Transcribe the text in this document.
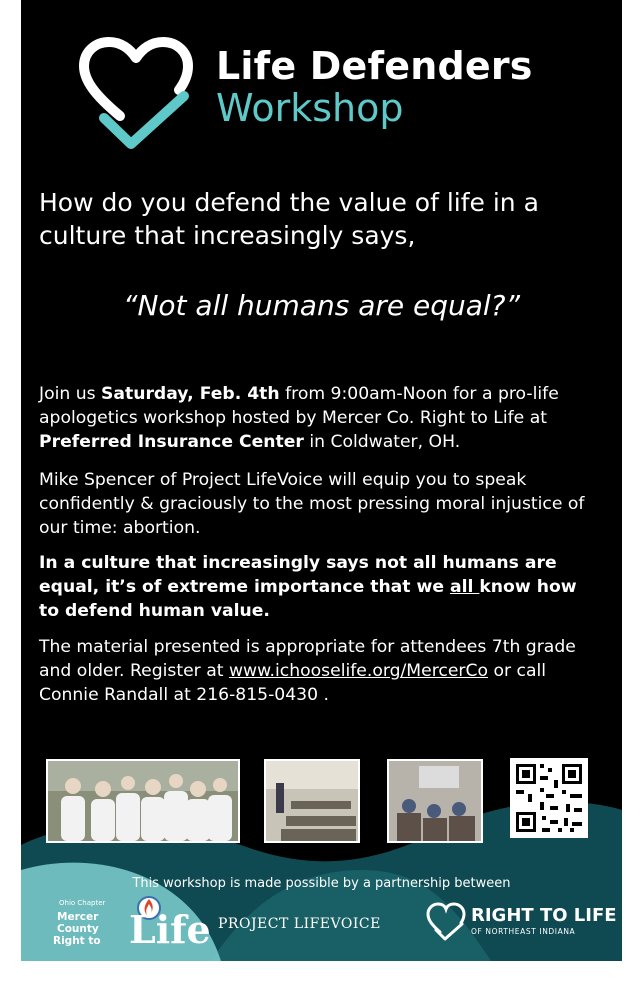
Life Defenders
Workshop
How do you defend the value of life in a culture that increasingly says,
“Not all humans are equal?”
Join us Saturday, Feb. 4th from 9:00am-Noon for a pro-life apologetics workshop hosted by Mercer Co. Right to Life at Preferred Insurance Center in Coldwater, OH.
Mike Spencer of Project LifeVoice will equip you to speak confidently & graciously to the most pressing moral injustice of our time: abortion.
In a culture that increasingly says not all humans are equal, it’s of extreme importance that we all know how to defend human value.
The material presented is appropriate for attendees 7th grade and older. Register at www.ichooselife.org/MercerCo or call Connie Randall at 216-815-0430 .
This workshop is made possible by a partnership between
Ohio Chapter
Mercer
County
Right to Life PROJECT LIFEVOICE	RIGHT TO LIFE
OF NORTHEAST INDIANA
